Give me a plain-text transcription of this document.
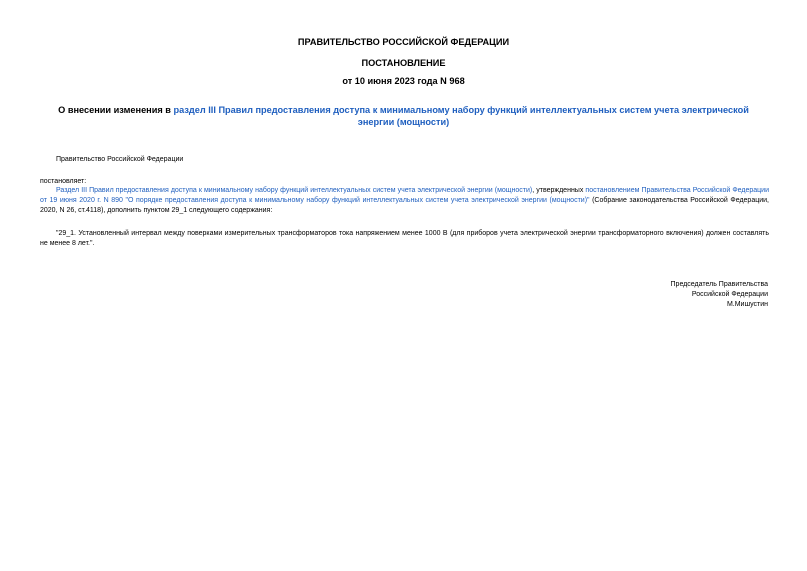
ПРАВИТЕЛЬСТВО РОССИЙСКОЙ ФЕДЕРАЦИИ
ПОСТАНОВЛЕНИЕ
от 10 июня 2023 года N 968
О внесении изменения в раздел III Правил предоставления доступа к минимальному набору функций интеллектуальных систем учета электрической энергии (мощности)
Правительство Российской Федерации
постановляет:
Раздел III Правил предоставления доступа к минимальному набору функций интеллектуальных систем учета электрической энергии (мощности), утвержденных постановлением Правительства Российской Федерации от 19 июня 2020 г. N 890 "О порядке предоставления доступа к минимальному набору функций интеллектуальных систем учета электрической энергии (мощности)" (Собрание законодательства Российской Федерации, 2020, N 26, ст.4118), дополнить пунктом 29_1 следующего содержания:
"29_1. Установленный интервал между поверками измерительных трансформаторов тока напряжением менее 1000 В (для приборов учета электрической энергии трансформаторного включения) должен составлять не менее 8 лет.".
Председатель Правительства
Российской Федерации
М.Мишустин
